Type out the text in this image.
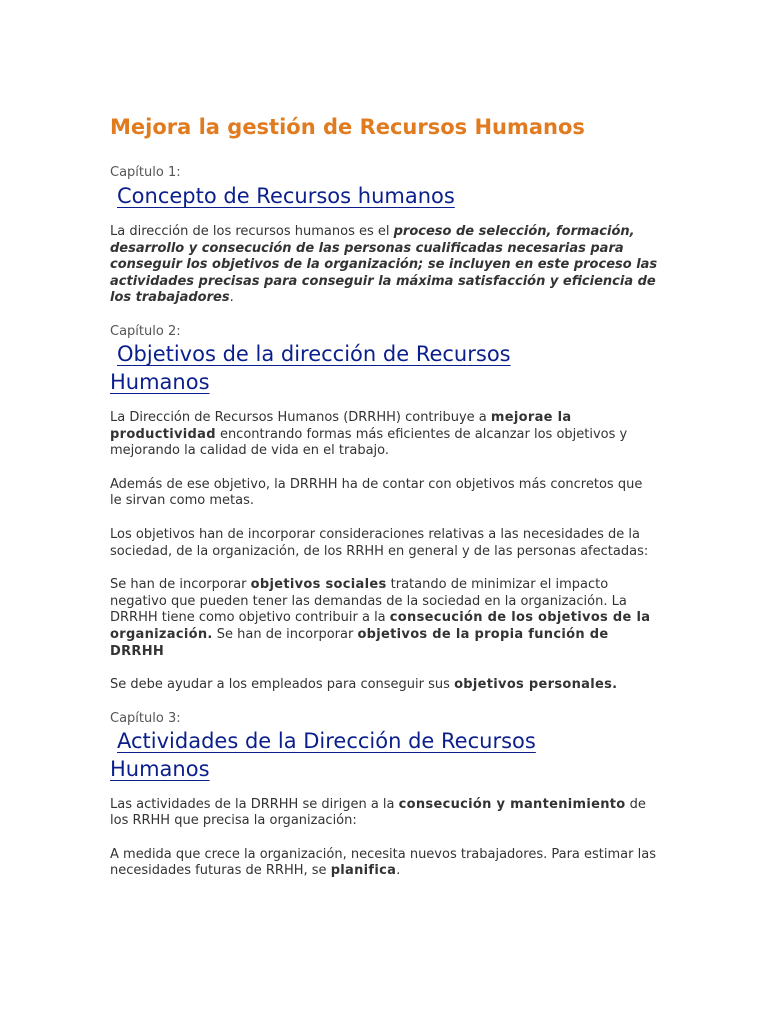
Mejora la gestión de Recursos Humanos

Capítulo 1:

Concepto de Recursos humanos

La dirección de los recursos humanos es el proceso de selección, formación, desarrollo y consecución de las personas cualificadas necesarias para conseguir los objetivos de la organización; se incluyen en este proceso las actividades precisas para conseguir la máxima satisfacción y eficiencia de los trabajadores.

Capítulo 2:

Objetivos de la dirección de Recursos
Humanos

La Dirección de Recursos Humanos (DRRHH) contribuye a mejorae la productividad encontrando formas más eficientes de alcanzar los objetivos y mejorando la calidad de vida en el trabajo.

Además de ese objetivo, la DRRHH ha de contar con objetivos más concretos que le sirvan como metas.

Los objetivos han de incorporar consideraciones relativas a las necesidades de la sociedad, de la organización, de los RRHH en general y de las personas afectadas:

Se han de incorporar objetivos sociales tratando de minimizar el impacto negativo que pueden tener las demandas de la sociedad en la organización. La DRRHH tiene como objetivo contribuir a la consecución de los objetivos de la organización. Se han de incorporar objetivos de la propia función de DRRHH

Se debe ayudar a los empleados para conseguir sus objetivos personales.

Capítulo 3:

Actividades de la Dirección de Recursos
Humanos

Las actividades de la DRRHH se dirigen a la consecución y mantenimiento de los RRHH que precisa la organización:

A medida que crece la organización, necesita nuevos trabajadores. Para estimar las necesidades futuras de RRHH, se planifica.
